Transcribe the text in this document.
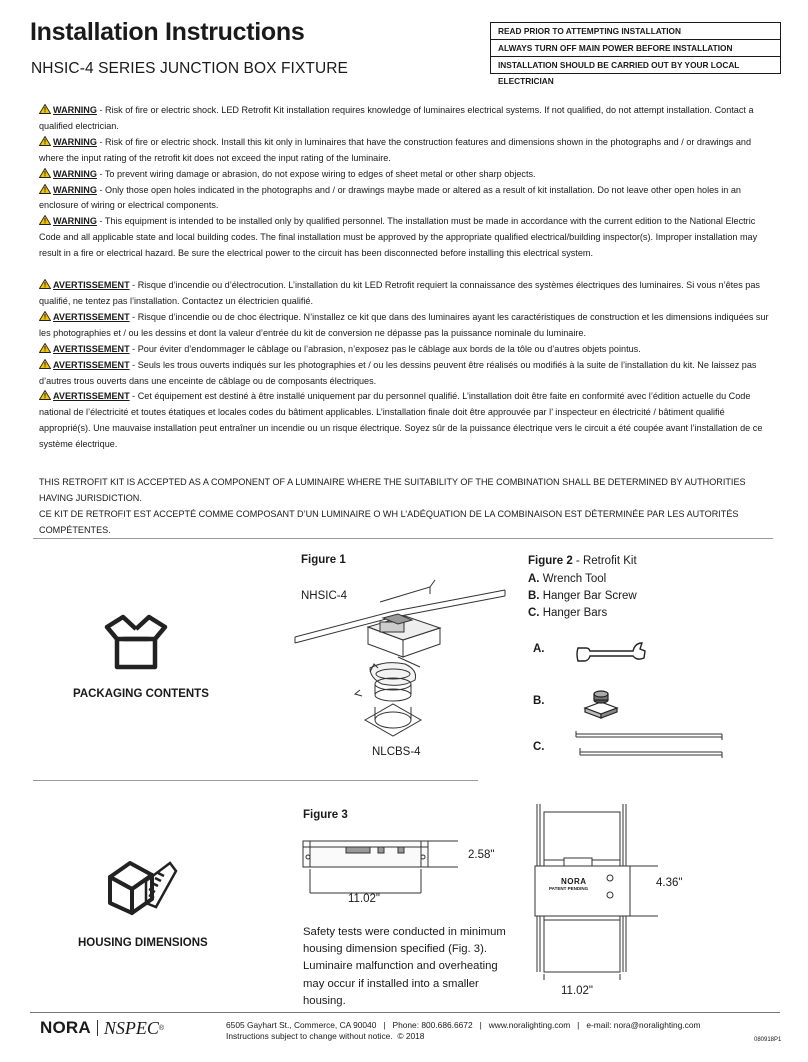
Installation Instructions
NHSIC-4 SERIES JUNCTION BOX FIXTURE
READ PRIOR TO ATTEMPTING INSTALLATION
ALWAYS TURN OFF MAIN POWER BEFORE INSTALLATION
INSTALLATION SHOULD BE CARRIED OUT BY YOUR LOCAL ELECTRICIAN

WARNING - Risk of fire or electric shock. LED Retrofit Kit installation requires knowledge of luminaires electrical systems. If not qualified, do not attempt installation. Contact a qualified electrician.

WARNING - Risk of fire or electric shock. Install this kit only in luminaires that have the construction features and dimensions shown in the photographs and / or drawings and where the input rating of the retrofit kit does not exceed the input rating of the luminaire.

WARNING - To prevent wiring damage or abrasion, do not expose wiring to edges of sheet metal or other sharp objects.

WARNING - Only those open holes indicated in the photographs and / or drawings maybe made or altered as a result of kit installation. Do not leave other open holes in an enclosure of wiring or electrical components.

WARNING - This equipment is intended to be installed only by qualified personnel. The installation must be made in accordance with the current edition to the National Electric Code and all applicable state and local building codes. The final installation must be approved by the appropriate qualified electrical/building inspector(s). Improper installation may result in a fire or electrical hazard. Be sure the electrical power to the circuit has been disconnected before installing this electrical system.

AVERTISSEMENT - Risque d’incendie ou d’électrocution. L’installation du kit LED Retrofit requiert la connaissance des systèmes électriques des luminaires. Si vous n’êtes pas qualifié, ne tentez pas l’installation. Contactez un électricien qualifié.

AVERTISSEMENT - Risque d’incendie ou de choc électrique. N’installez ce kit que dans des luminaires ayant les caractéristiques de construction et les dimensions indiquées sur les photographies et / ou les dessins et dont la valeur d’entrée du kit de conversion ne dépasse pas la puissance nominale du luminaire.

AVERTISSEMENT - Pour éviter d’endommager le câblage ou l’abrasion, n’exposez pas le câblage aux bords de la tôle ou d’autres objets pointus.

AVERTISSEMENT - Seuls les trous ouverts indiqués sur les photographies et / ou les dessins peuvent être réalisés ou modifiés à la suite de l’installation du kit. Ne laissez pas d’autres trous ouverts dans une enceinte de câblage ou de composants électriques.

AVERTISSEMENT - Cet équipement est destiné à être installé uniquement par du personnel qualifié. L’installation doit être faite en conformité avec l’édition actuelle du Code national de l’électricité et toutes étatiques et locales codes du bâtiment applicables. L’installation finale doit être approuvée par l’ inspecteur en électricité / bâtiment qualifié approprié(s). Une mauvaise installation peut entraîner un incendie ou un risque électrique. Soyez sûr de la puissance électrique vers le circuit a été coupée avant l’installation de ce système électrique.

THIS RETROFIT KIT IS ACCEPTED AS A COMPONENT OF A LUMINAIRE WHERE THE SUITABILITY OF THE COMBINATION SHALL BE DETERMINED BY AUTHORITIES HAVING JURISDICTION.

CE KIT DE RETROFIT EST ACCEPTÉ COMME COMPOSANT D’UN LUMINAIRE O WH L’ADÉQUATION DE LA COMBINAISON EST DÉTERMINÉE PAR LES AUTORITÉS COMPÉTENTES.

PACKAGING CONTENTS
Figure 1
NHSIC-4
NLCBS-4
Figure 2 - Retrofit Kit
A. Wrench Tool
B. Hanger Bar Screw
C. Hanger Bars
A.
B.
C.
HOUSING DIMENSIONS
Figure 3
2.58"
11.02"
Safety tests were conducted in minimum housing dimension specified (Fig. 3). Luminaire malfunction and overheating may occur if installed into a smaller housing.
NORA
PATENT PENDING	4.36"
11.02"
NORA NSPEC ®	6505 Gayhart St., Commerce, CA 90040   |   Phone: 800.686.6672   |   www.noralighting.com   |   e-mail: nora@noralighting.com
Instructions subject to change without notice.  © 2018	080918P1
